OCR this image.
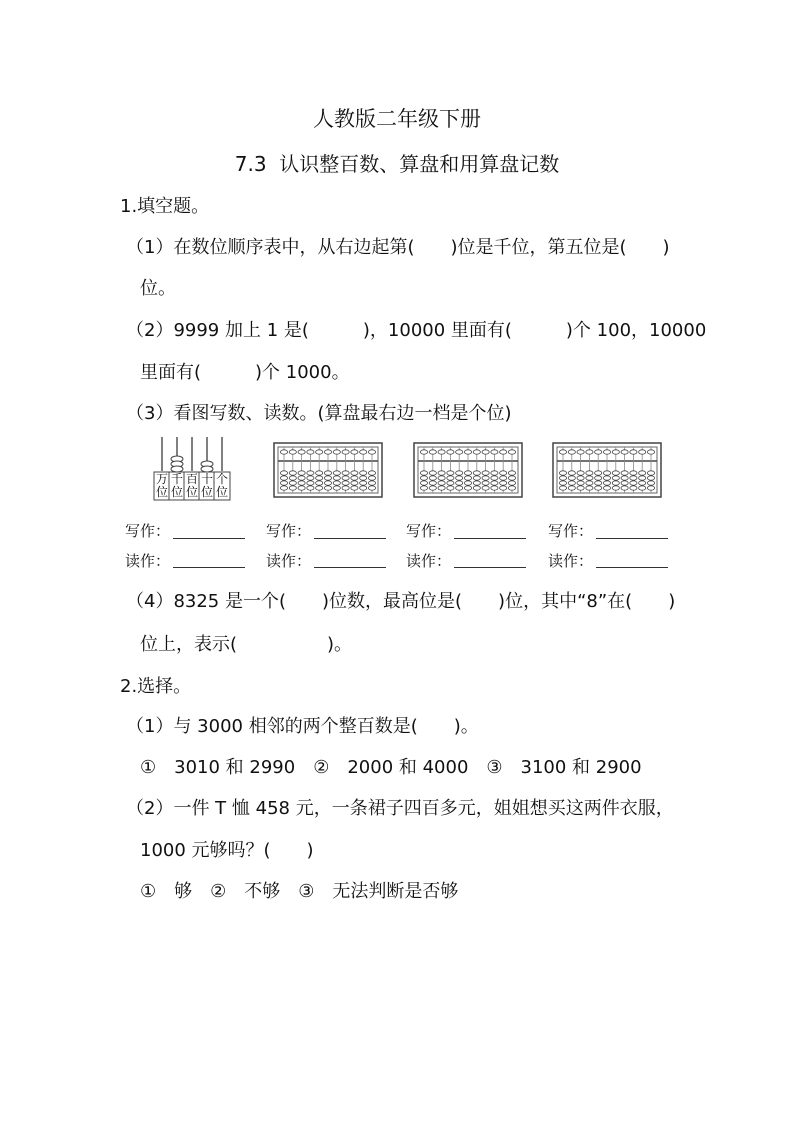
人教版二年级下册
7.3  认识整百数、算盘和用算盘记数
1.填空题。
（1）在数位顺序表中，从右边起第(　　)位是千位，第五位是(　　)
位。
（2）9999 加上 1 是(　　　)，10000 里面有(　　　)个 100，10000
里面有(　　　)个 1000。
（3）看图写数、读数。(算盘最右边一档是个位)
万位
千位
百位
十位
个位
写作：
读作：
写作：
读作：
写作：
读作：
写作：
读作：
（4）8325 是一个(　　)位数，最高位是(　　)位，其中“8”在(　　)
位上，表示(　　　　　)。
2.选择。
（1）与 3000 相邻的两个整百数是(　　)。
①　3010 和 2990　②　2000 和 4000　③　3100 和 2900
（2）一件 T 恤 458 元，一条裙子四百多元，姐姐想买这两件衣服，
1000 元够吗？(　　)
①　够　②　不够　③　无法判断是否够
